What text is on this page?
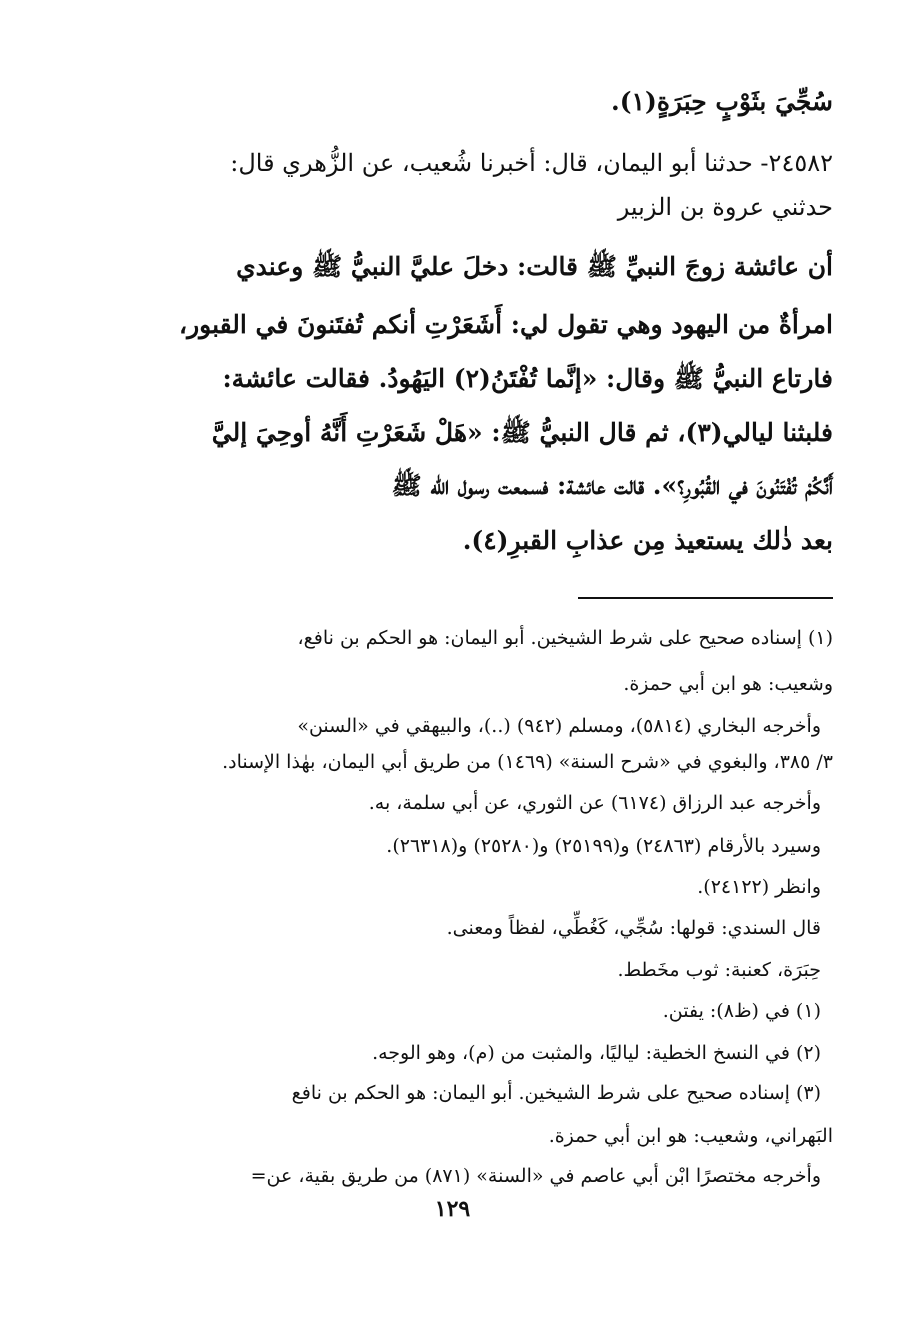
سُجِّيَ بثَوْبٍ حِبَرَةٍ(١).
٢٤٥٨٢- حدثنا أبو اليمان، قال: أخبرنا شُعيب، عن الزُّهري قال:
حدثني عروة بن الزبير
أن عائشة زوجَ النبيِّ ﷺ قالت: دخلَ عليَّ النبيُّ ﷺ وعندي
امرأةٌ من اليهود وهي تقول لي: أَشَعَرْتِ أنكم تُفتَنونَ في القبور،
فارتاع النبيُّ ﷺ وقال: «إنَّما تُفْتَنُ(٢) اليَهُودُ. فقالت عائشة:
فلبثنا ليالي(٣)، ثم قال النبيُّ ﷺ: «هَلْ شَعَرْتِ أَنَّهُ أوحِيَ إليَّ
أَنَّكُمْ تُفْتَنُونَ في القُبُورِ؟». قالت عائشة: فسمعت رسول الله ﷺ
بعد ذٰلك يستعيذ مِن عذابِ القبرِ(٤).
(١) إسناده صحيح على شرط الشيخين. أبو اليمان: هو الحكم بن نافع،
وشعيب: هو ابن أبي حمزة.
وأخرجه البخاري (٥٨١٤)، ومسلم (٩٤٢) (..)، والبيهقي في «السنن»
٣/ ٣٨٥، والبغوي في «شرح السنة» (١٤٦٩) من طريق أبي اليمان، بهٰذا الإسناد.
وأخرجه عبد الرزاق (٦١٧٤) عن الثوري، عن أبي سلمة، به.
وسيرد بالأرقام (٢٤٨٦٣) و(٢٥١٩٩) و(٢٥٢٨٠) و(٢٦٣١٨).
وانظر (٢٤١٢٢).
قال السندي: قولها: سُجِّي، كَغُطِّي، لفظاً ومعنى.
حِبَرَة، كعنبة: ثوب مخَطط.
(١) في (ظ٨): يفتن.
(٢) في النسخ الخطية: لياليًا، والمثبت من (م)، وهو الوجه.
(٣) إسناده صحيح على شرط الشيخين. أبو اليمان: هو الحكم بن نافع
البَهراني، وشعيب: هو ابن أبي حمزة.
وأخرجه مختصرًا ابْن أبي عاصم في «السنة» (٨٧١) من طريق بقية، عن=
١٢٩
